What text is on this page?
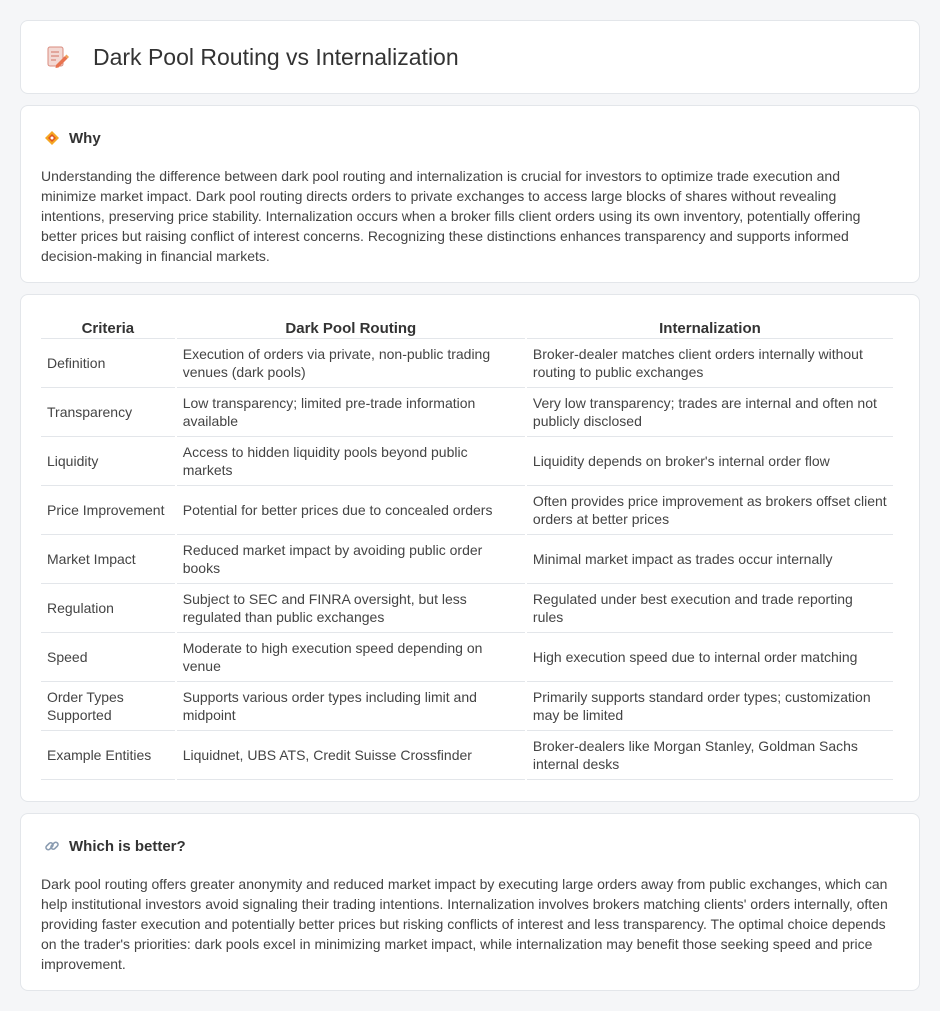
Dark Pool Routing vs Internalization
Why

Understanding the difference between dark pool routing and internalization is crucial for investors to optimize trade execution and minimize market impact. Dark pool routing directs orders to private exchanges to access large blocks of shares without revealing intentions, preserving price stability. Internalization occurs when a broker fills client orders using its own inventory, potentially offering better prices but raising conflict of interest concerns. Recognizing these distinctions enhances transparency and supports informed decision-making in financial markets.

Criteria	Dark Pool Routing	Internalization
Definition	Execution of orders via private, non-public trading venues (dark pools)	Broker-dealer matches client orders internally without routing to public exchanges
Transparency	Low transparency; limited pre-trade information available	Very low transparency; trades are internal and often not publicly disclosed
Liquidity	Access to hidden liquidity pools beyond public markets	Liquidity depends on broker's internal order flow
Price Improvement	Potential for better prices due to concealed orders	Often provides price improvement as brokers offset client orders at better prices
Market Impact	Reduced market impact by avoiding public order books	Minimal market impact as trades occur internally
Regulation	Subject to SEC and FINRA oversight, but less regulated than public exchanges	Regulated under best execution and trade reporting rules
Speed	Moderate to high execution speed depending on venue	High execution speed due to internal order matching
Order Types Supported	Supports various order types including limit and midpoint	Primarily supports standard order types; customization may be limited
Example Entities	Liquidnet, UBS ATS, Credit Suisse Crossfinder	Broker-dealers like Morgan Stanley, Goldman Sachs internal desks
Which is better?

Dark pool routing offers greater anonymity and reduced market impact by executing large orders away from public exchanges, which can help institutional investors avoid signaling their trading intentions. Internalization involves brokers matching clients' orders internally, often providing faster execution and potentially better prices but risking conflicts of interest and less transparency. The optimal choice depends on the trader's priorities: dark pools excel in minimizing market impact, while internalization may benefit those seeking speed and price improvement.
